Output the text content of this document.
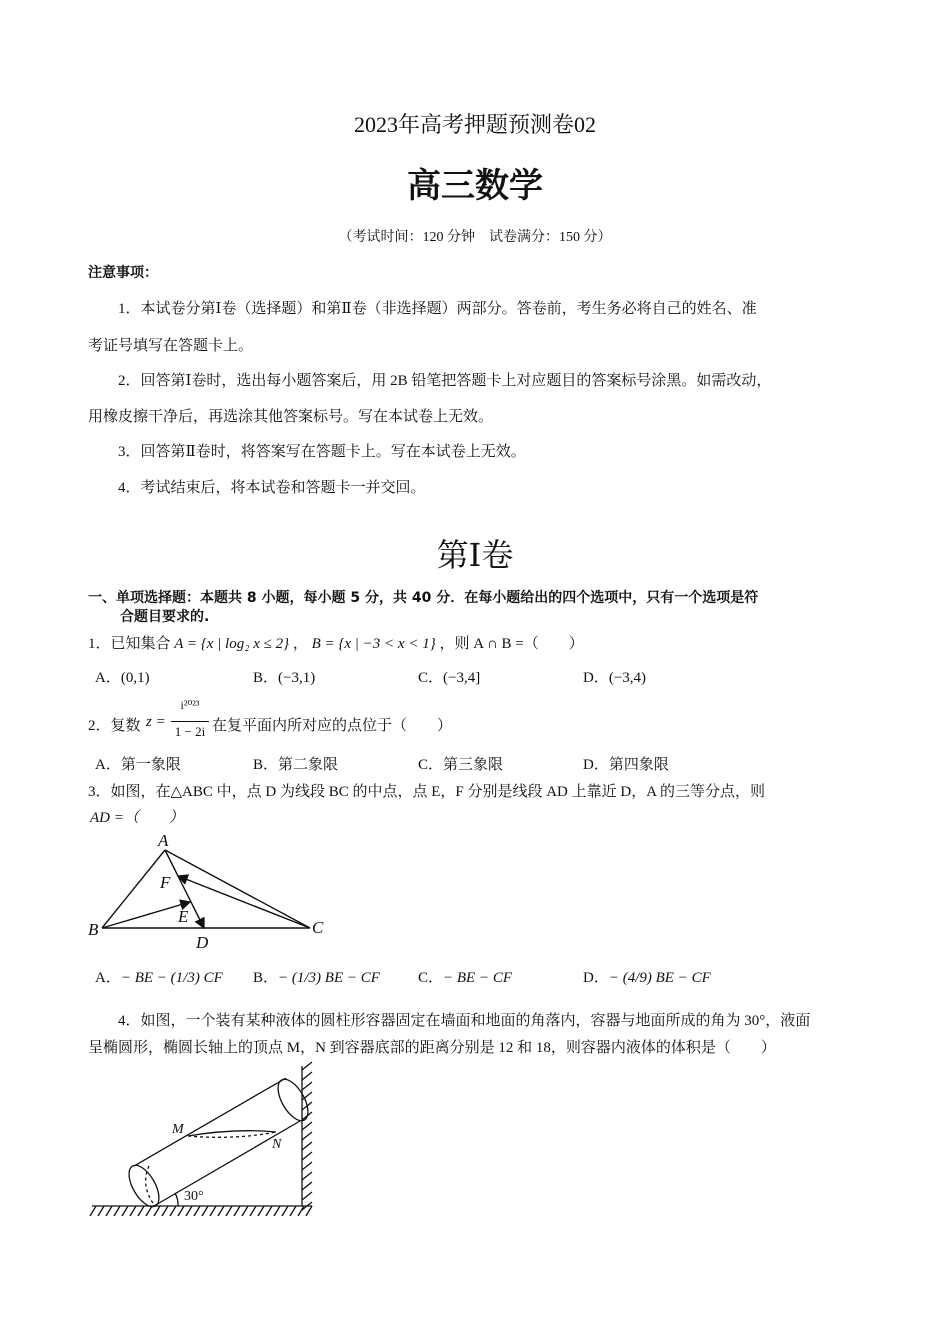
2023年高考押题预测卷02
高三数学
（考试时间：120 分钟　试卷满分：150 分）
注意事项：
1．本试卷分第Ⅰ卷（选择题）和第Ⅱ卷（非选择题）两部分。答卷前，考生务必将自己的姓名、准
考证号填写在答题卡上。
2．回答第Ⅰ卷时，选出每小题答案后，用 2B 铅笔把答题卡上对应题目的答案标号涂黑。如需改动，
用橡皮擦干净后，再选涂其他答案标号。写在本试卷上无效。
3．回答第Ⅱ卷时，将答案写在答题卡上。写在本试卷上无效。
4．考试结束后，将本试卷和答题卡一并交回。
第Ⅰ卷
一、单项选择题：本题共 8 小题，每小题 5 分，共 40 分．在每小题给出的四个选项中，只有一个选项是符
合题目要求的.
1．已知集合 A = {x | log₂ x ≤ 2} ， B = {x | −3 < x < 1} ，则 A ∩ B =（　　）
A．(0,1)	B．(−3,1)	C．(−3,4]	D．(−3,4)
2．复数 z =
i²⁰²³
1 − 2i 在复平面内所对应的点位于（　　）
A．第一象限	B．第二象限	C．第三象限	D．第四象限
3．如图，在△ABC 中，点 D 为线段 BC 的中点，点 E，F 分别是线段 AD 上靠近 D，A 的三等分点，则
AD =（　　）
A
B	C
D
E
F
A．− BE − (1/3) CF B．− (1/3) BE − CF	C．− BE − CF	D．− (4/9) BE − CF
4．如图，一个装有某种液体的圆柱形容器固定在墙面和地面的角落内，容器与地面所成的角为 30°，液面
呈椭圆形，椭圆长轴上的顶点 M，N 到容器底部的距离分别是 12 和 18，则容器内液体的体积是（　　）
M
N
30°
